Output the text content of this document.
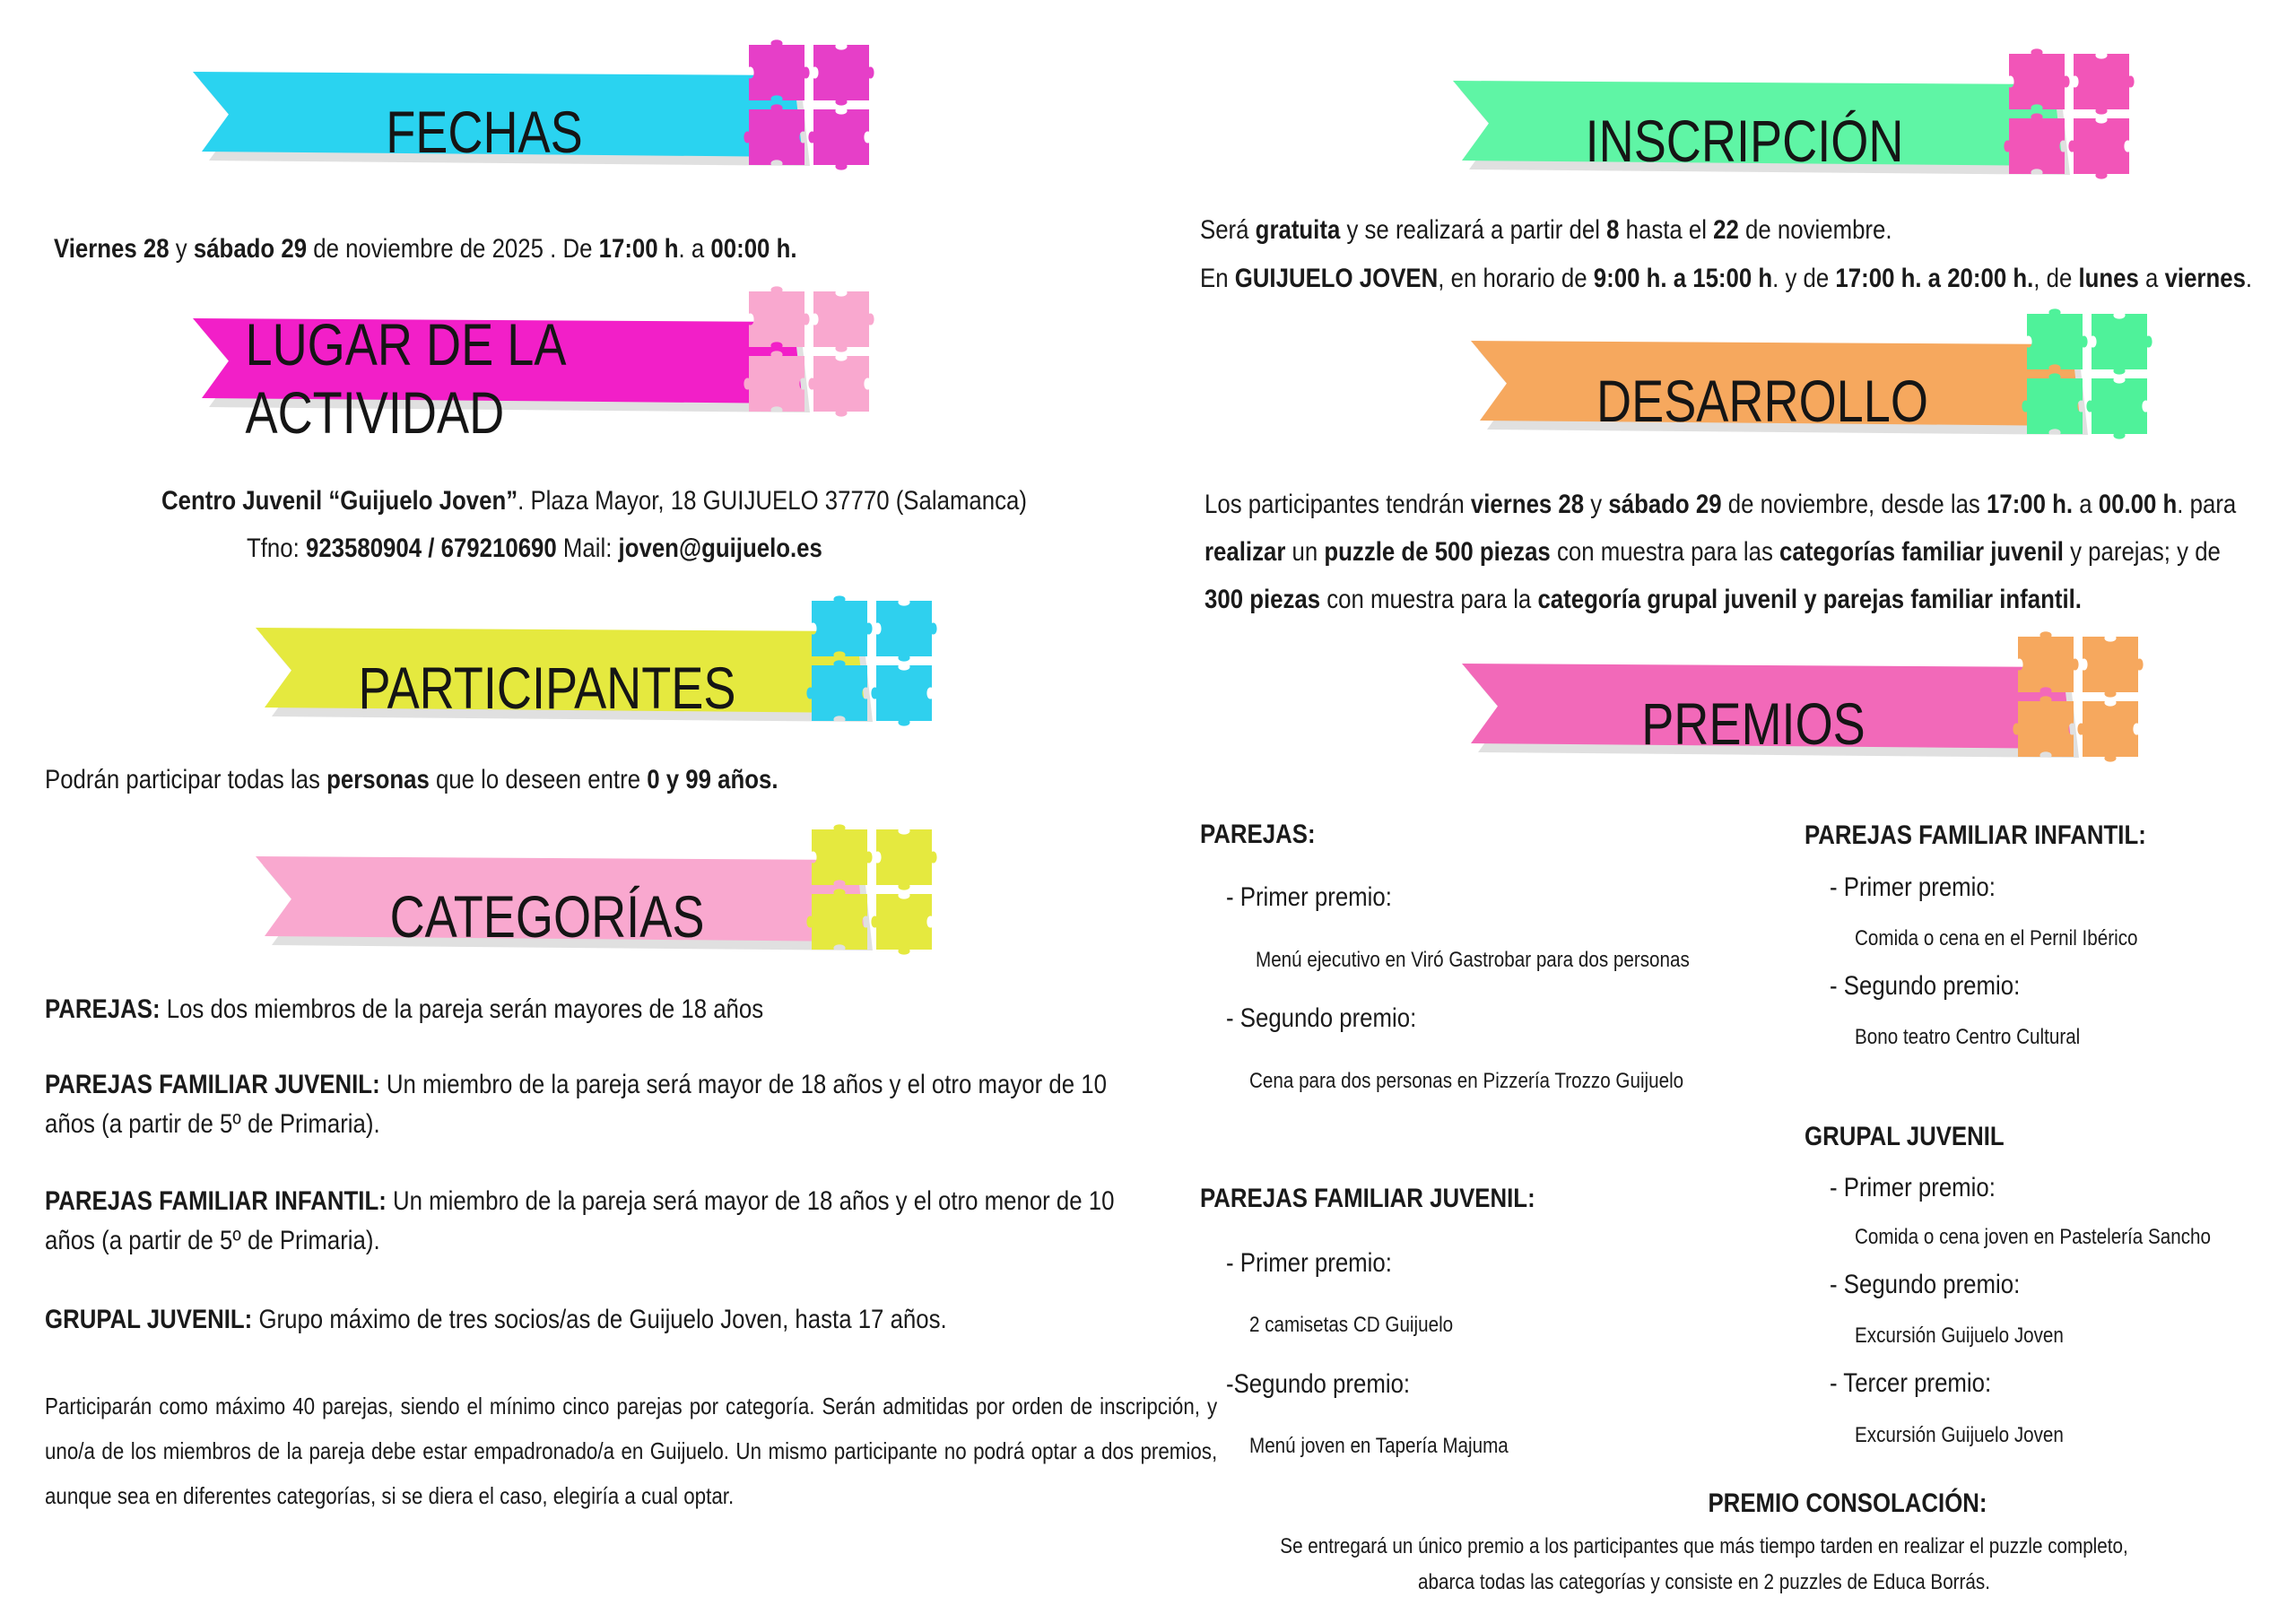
FECHAS
Viernes 28 y sábado 29 de noviembre de 2025 . De 17:00 h. a 00:00 h.
LUGAR DE LA ACTIVIDAD
Centro Juvenil “Guijuelo Joven”. Plaza Mayor, 18 GUIJUELO 37770 (Salamanca)
Tfno: 923580904 / 679210690 Mail: joven@guijuelo.es
PARTICIPANTES
Podrán participar todas las personas que lo deseen entre 0 y 99 años.
CATEGORÍAS
PAREJAS: Los dos miembros de la pareja serán mayores de 18 años
PAREJAS FAMILIAR JUVENIL: Un miembro de la pareja será mayor de 18 años y el otro mayor de 10 años (a partir de 5º de Primaria).
PAREJAS FAMILIAR INFANTIL: Un miembro de la pareja será mayor de 18 años y el otro menor de 10 años (a partir de 5º de Primaria).
GRUPAL JUVENIL: Grupo máximo de tres socios/as de Guijuelo Joven, hasta 17 años.
Participarán como máximo 40 parejas, siendo el mínimo cinco parejas por categoría. Serán admitidas por orden de inscripción, y uno/a de los miembros de la pareja debe estar empadronado/a en Guijuelo. Un mismo participante no podrá optar a dos premios, aunque sea en diferentes categorías, si se diera el caso, elegiría a cual optar.
INSCRIPCIÓN
Será gratuita y se realizará a partir del 8 hasta el 22 de noviembre.
En GUIJUELO JOVEN, en horario de 9:00 h. a 15:00 h. y de 17:00 h. a 20:00 h., de lunes a viernes.
DESARROLLO
Los participantes tendrán viernes 28 y sábado 29 de noviembre, desde las 17:00 h. a 00.00 h. para realizar un puzzle de 500 piezas con muestra para las categorías familiar juvenil y parejas; y de 300 piezas con muestra para la categoría grupal juvenil y parejas familiar infantil.
PREMIOS
PAREJAS:
- Primer premio:
Menú ejecutivo en Viró Gastrobar para dos personas
- Segundo premio:
Cena para dos personas en Pizzería Trozzo Guijuelo
PAREJAS FAMILIAR JUVENIL:
- Primer premio:
2 camisetas CD Guijuelo
-Segundo premio:
Menú joven en Tapería Majuma
PAREJAS FAMILIAR INFANTIL:
- Primer premio:
Comida o cena en el Pernil Ibérico
- Segundo premio:
Bono teatro Centro Cultural
GRUPAL JUVENIL
- Primer premio:
Comida o cena joven en Pastelería Sancho
- Segundo premio:
Excursión Guijuelo Joven
- Tercer premio:
Excursión Guijuelo Joven
PREMIO CONSOLACIÓN:
Se entregará un único premio a los participantes que más tiempo tarden en realizar el puzzle completo, abarca todas las categorías y consiste en 2 puzzles de Educa Borrás.
